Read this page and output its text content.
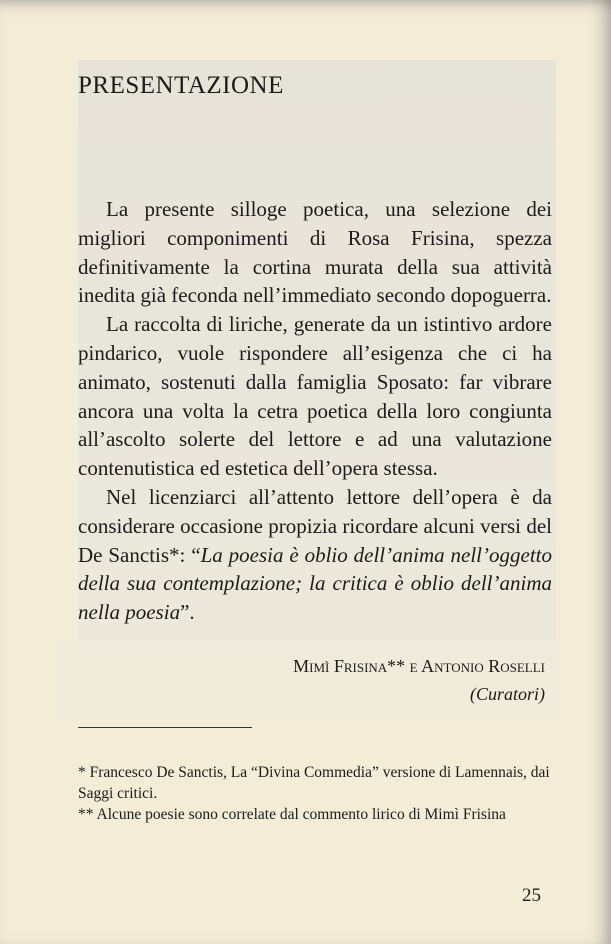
PRESENTAZIONE

La presente silloge poetica, una selezione dei migliori componimenti di Rosa Frisina, spezza definitivamente la cortina murata della sua attività inedita già feconda nell’immediato secondo dopoguerra.

La raccolta di liriche, generate da un istintivo ardore pindarico, vuole rispondere all’esigenza che ci ha animato, sostenuti dalla famiglia Sposato: far vibrare ancora una volta la cetra poetica della loro congiunta all’ascolto solerte del lettore e ad una valutazione contenutistica ed estetica dell’opera stessa.

Nel licenziarci all’attento lettore dell’opera è da considerare occasione propizia ricordare alcuni versi del De Sanctis*: “La poesia è oblio dell’anima nell’oggetto della sua contemplazione; la critica è oblio dell’anima nella poesia”.

Mimì Frisina** e Antonio Roselli
(Curatori)

* Francesco De Sanctis, La “Divina Commedia” versione di Lamennais, dai Saggi critici.

** Alcune poesie sono correlate dal commento lirico di Mimì Frisina

25
